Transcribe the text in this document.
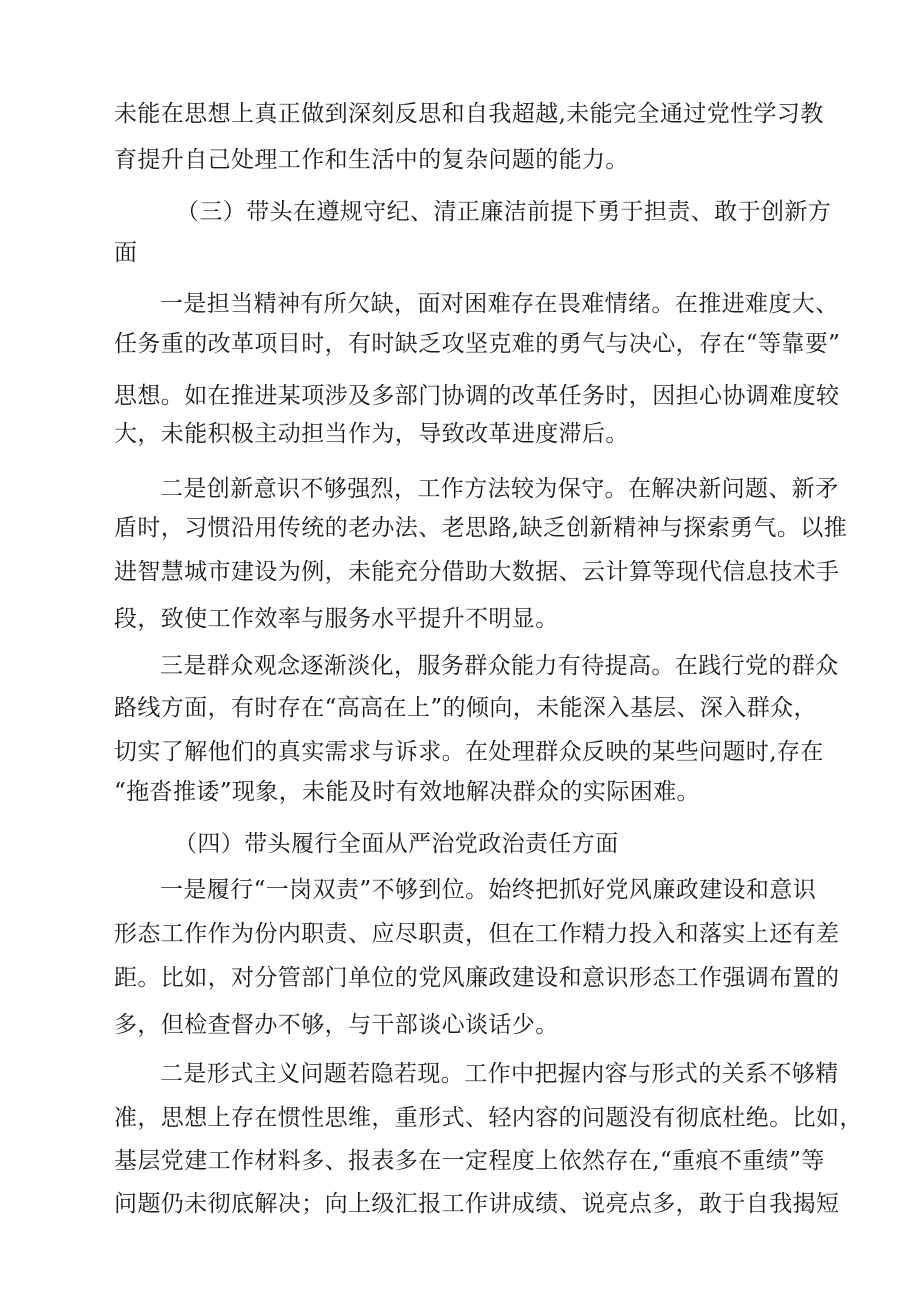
未能在思想上真正做到深刻反思和自我超越,未能完全通过党性学习教
育提升自己处理工作和生活中的复杂问题的能力。
（三）带头在遵规守纪、清正廉洁前提下勇于担责、敢于创新方
面
一是担当精神有所欠缺，面对困难存在畏难情绪。在推进难度大、
任务重的改革项目时，有时缺乏攻坚克难的勇气与决心，存在“等靠要”
思想。如在推进某项涉及多部门协调的改革任务时，因担心协调难度较
大，未能积极主动担当作为，导致改革进度滞后。
二是创新意识不够强烈，工作方法较为保守。在解决新问题、新矛
盾时，习惯沿用传统的老办法、老思路,缺乏创新精神与探索勇气。以推
进智慧城市建设为例，未能充分借助大数据、云计算等现代信息技术手
段，致使工作效率与服务水平提升不明显。
三是群众观念逐渐淡化，服务群众能力有待提高。在践行党的群众
路线方面，有时存在“高高在上”的倾向，未能深入基层、深入群众，
切实了解他们的真实需求与诉求。在处理群众反映的某些问题时,存在
“拖沓推诿”现象，未能及时有效地解决群众的实际困难。
（四）带头履行全面从严治党政治责任方面
一是履行“一岗双责”不够到位。始终把抓好党风廉政建设和意识
形态工作作为份内职责、应尽职责，但在工作精力投入和落实上还有差
距。比如，对分管部门单位的党风廉政建设和意识形态工作强调布置的
多，但检查督办不够，与干部谈心谈话少。
二是形式主义问题若隐若现。工作中把握内容与形式的关系不够精
准，思想上存在惯性思维，重形式、轻内容的问题没有彻底杜绝。比如，
基层党建工作材料多、报表多在一定程度上依然存在,“重痕不重绩”等
问题仍未彻底解决；向上级汇报工作讲成绩、说亮点多，敢于自我揭短
